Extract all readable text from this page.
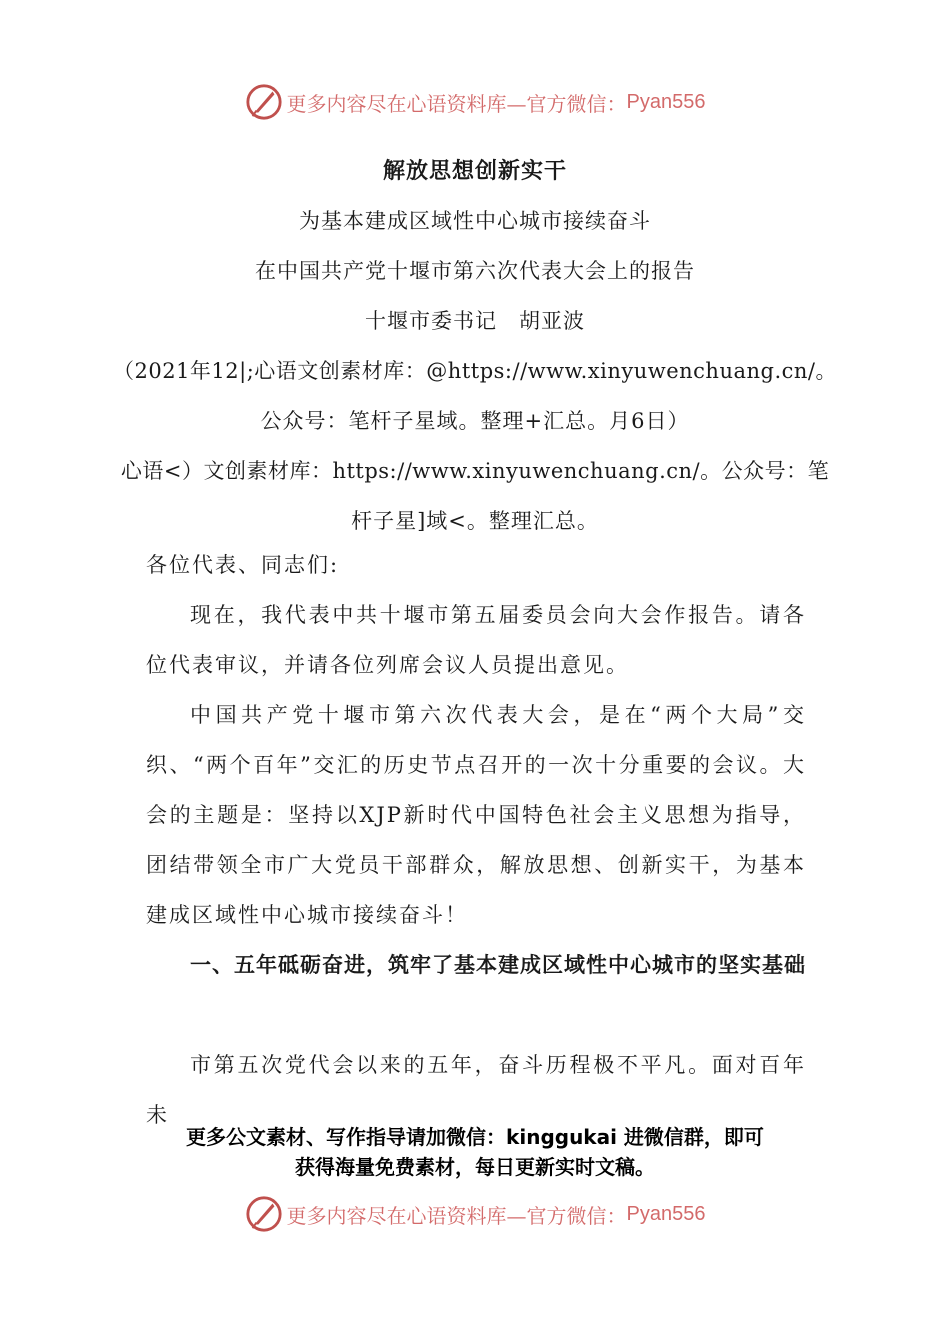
更多内容尽在心语资料库—官方微信： Pyan556
解放思想创新实干
为基本建成区域性中心城市接续奋斗
在中国共产党十堰市第六次代表大会上的报告
十堰市委书记　胡亚波
（2021年12|;心语文创素材库：@https://www.xinyuwenchuang.cn/。
公众号：笔杆子星域。整理+汇总。月6日）
心语<）文创素材库：https://www.xinyuwenchuang.cn/。公众号：笔
杆子星]域<。整理汇总。

各位代表、同志们:

现在，我代表中共十堰市第五届委员会向大会作报告。请各位代表审议，并请各位列席会议人员提出意见。

中国共产党十堰市第六次代表大会，是在“两个大局”交织、“两个百年”交汇的历史节点召开的一次十分重要的会议。大会的主题是：坚持以XJP新时代中国特色社会主义思想为指导，团结带领全市广大党员干部群众，解放思想、创新实干，为基本建成区域性中心城市接续奋斗！

一、五年砥砺奋进，筑牢了基本建成区域性中心城市的坚实基础

市第五次党代会以来的五年，奋斗历程极不平凡。面对百年未

更多公文素材、写作指导请加微信：kinggukai 进微信群，即可
获得海量免费素材，每日更新实时文稿。
更多内容尽在心语资料库—官方微信： Pyan556
